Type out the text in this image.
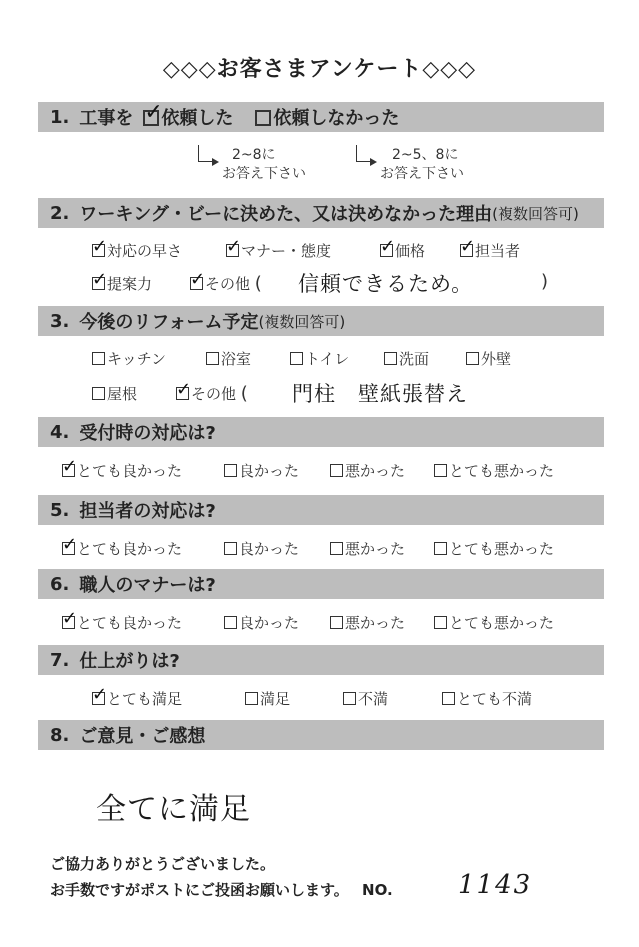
◇◇◇お客さまアンケート◇◇◇
1. 工事を ✓	依頼した	依頼しなかった
2~8に
お答え下さい
2~5、8に
お答え下さい
2. ワーキング・ビーに決めた、又は決めなかった理由 (複数回答可)
✓対応の早さ ✓	マナー・態度 ✓	価格 ✓	担当者
✓提案力 ✓	その他 ( 信頼できるため。	)
3. 今後のリフォーム予定 (複数回答可)
キッチン	浴室	トイレ	洗面	外壁
屋根 ✓	その他 ( 門柱　壁紙張替え
4. 受付時の対応は?
✓とても良かった	良かった	悪かった	とても悪かった
5. 担当者の対応は?
✓とても良かった	良かった	悪かった	とても悪かった
6. 職人のマナーは?
✓とても良かった	良かった	悪かった	とても悪かった
7. 仕上がりは?
✓とても満足	満足	不満	とても不満
8. ご意見・ご感想
全てに満足
ご協力ありがとうございました。
お手数ですがポストにご投函お願いします。 NO.	1143
